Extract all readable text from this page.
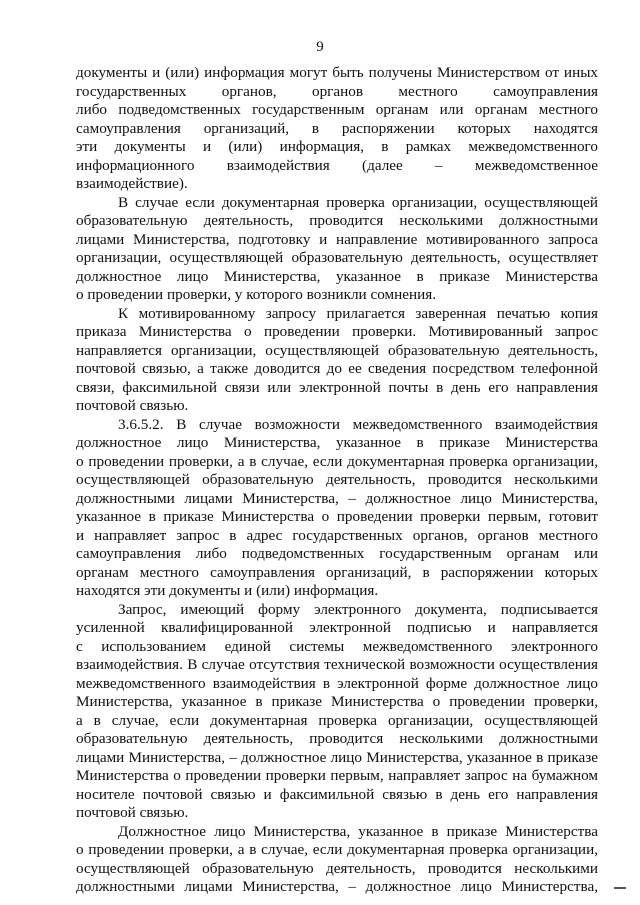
9
документы и (или) информация могут быть получены Министерством от иных
государственных органов, органов местного самоуправления
либо подведомственных государственным органам или органам местного
самоуправления организаций, в распоряжении которых находятся
эти документы и (или) информация, в рамках межведомственного
информационного взаимодействия (далее – межведомственное
взаимодействие).
В случае если документарная проверка организации, осуществляющей
образовательную деятельность, проводится несколькими должностными
лицами Министерства, подготовку и направление мотивированного запроса
организации, осуществляющей образовательную деятельность, осуществляет
должностное лицо Министерства, указанное в приказе Министерства
о проведении проверки, у которого возникли сомнения.
К мотивированному запросу прилагается заверенная печатью копия
приказа Министерства о проведении проверки. Мотивированный запрос
направляется организации, осуществляющей образовательную деятельность,
почтовой связью, а также доводится до ее сведения посредством телефонной
связи, факсимильной связи или электронной почты в день его направления
почтовой связью.
3.6.5.2. В случае возможности межведомственного взаимодействия
должностное лицо Министерства, указанное в приказе Министерства
о проведении проверки, а в случае, если документарная проверка организации,
осуществляющей образовательную деятельность, проводится несколькими
должностными лицами Министерства, – должностное лицо Министерства,
указанное в приказе Министерства о проведении проверки первым, готовит
и направляет запрос в адрес государственных органов, органов местного
самоуправления либо подведомственных государственным органам или
органам местного самоуправления организаций, в распоряжении которых
находятся эти документы и (или) информация.
Запрос, имеющий форму электронного документа, подписывается
усиленной квалифицированной электронной подписью и направляется
с использованием единой системы межведомственного электронного
взаимодействия. В случае отсутствия технической возможности осуществления
межведомственного взаимодействия в электронной форме должностное лицо
Министерства, указанное в приказе Министерства о проведении проверки,
а в случае, если документарная проверка организации, осуществляющей
образовательную деятельность, проводится несколькими должностными
лицами Министерства, – должностное лицо Министерства, указанное в приказе
Министерства о проведении проверки первым, направляет запрос на бумажном
носителе почтовой связью и факсимильной связью в день его направления
почтовой связью.
Должностное лицо Министерства, указанное в приказе Министерства
о проведении проверки, а в случае, если документарная проверка организации,
осуществляющей образовательную деятельность, проводится несколькими
должностными лицами Министерства, – должностное лицо Министерства,
